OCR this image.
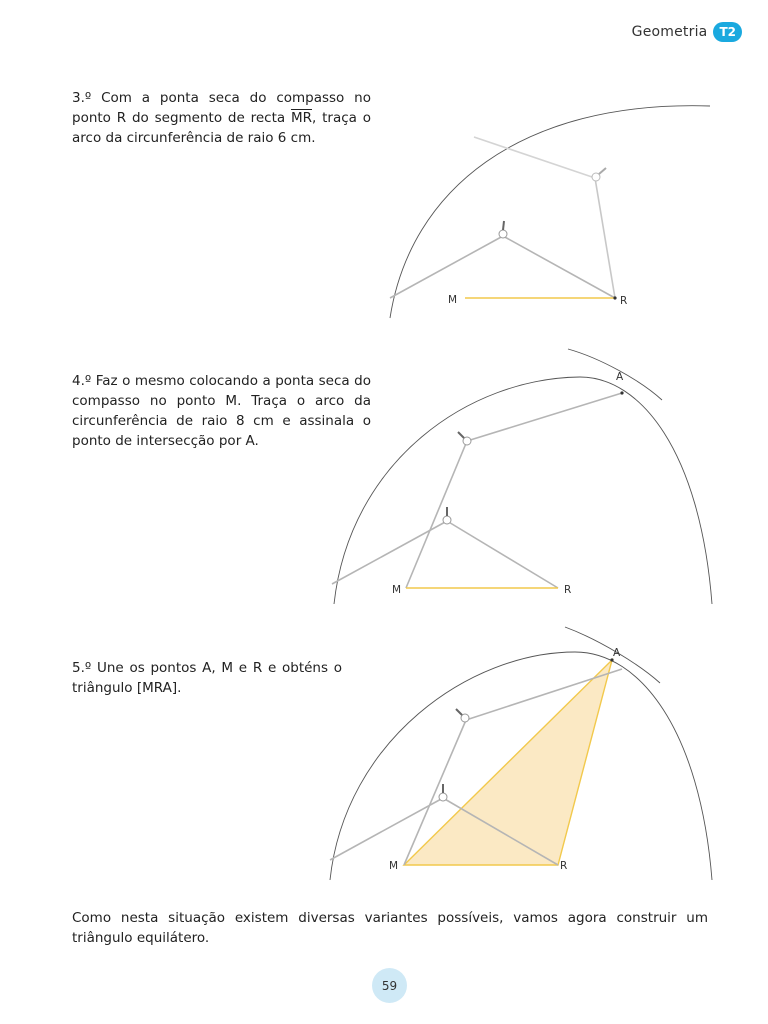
Geometria	T2
3.º Com a ponta seca do compasso no ponto R do segmento de recta $\overline{MR}$, traça o arco da circunferência de raio 6 cm.
4.º Faz o mesmo colocando a ponta seca do compasso no ponto M. Traça o arco da circunferência de raio 8 cm e assinala o ponto de intersecção por A.
5.º Une os pontos A, M e R e obténs o triângulo [MRA].
M	R
A
M	R
A
M	R
Como nesta situação existem diversas variantes possíveis, vamos agora construir um triângulo equilátero.
59
